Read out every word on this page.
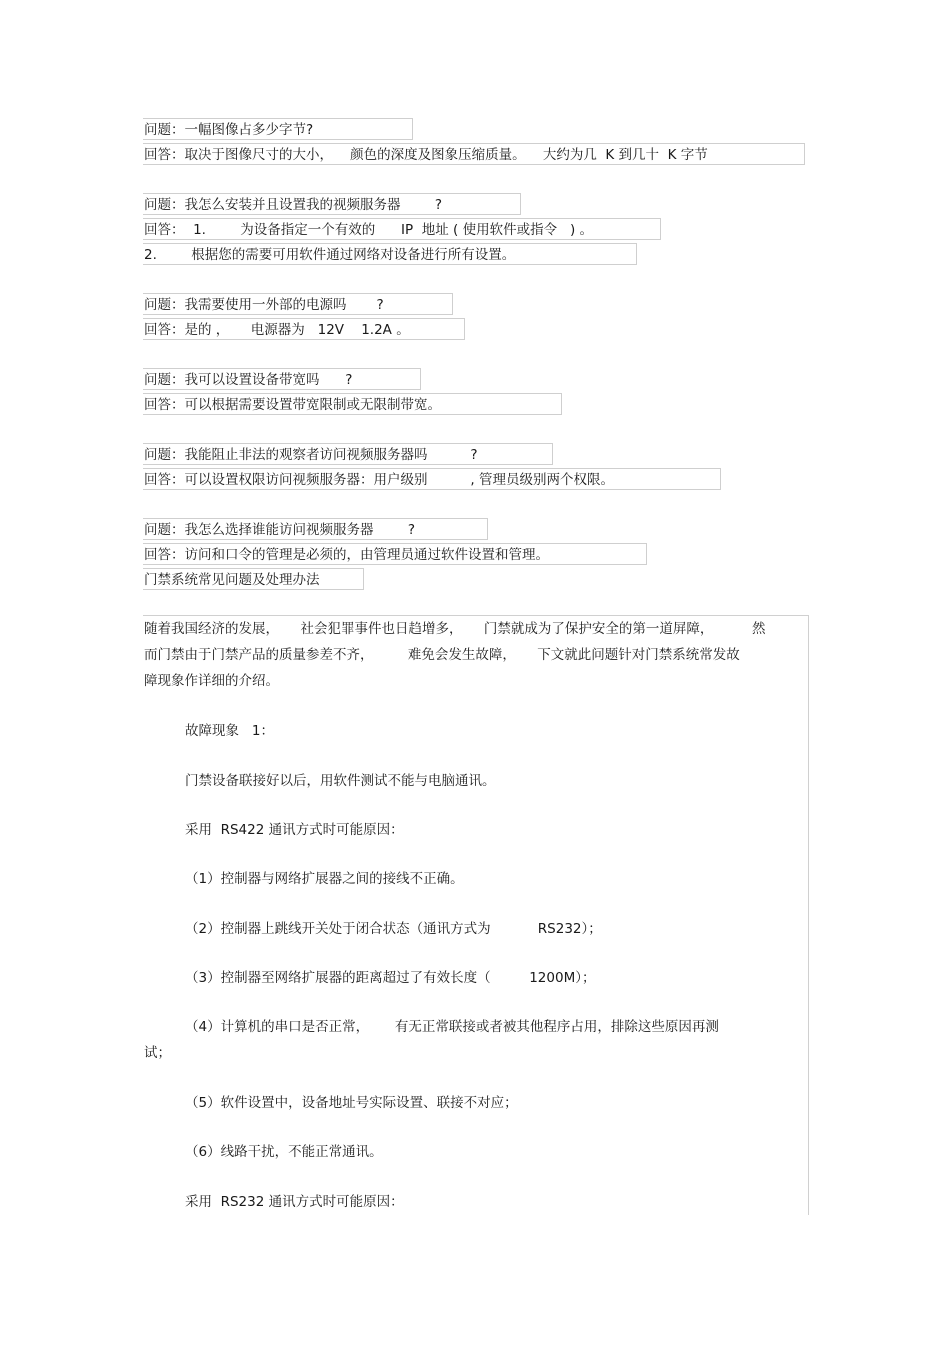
问题：一幅图像占多少字节?
回答：取决于图像尺寸的大小，    颜色的深度及图象压缩质量。    大约为几  K 到几十  K 字节
问题：我怎么安装并且设置我的视频服务器        ?
回答：  1.        为设备指定一个有效的      IP  地址 ( 使用软件或指令   ) 。
2.        根据您的需要可用软件通过网络对设备进行所有设置。
问题：我需要使用一外部的电源吗       ?
回答：是的 ，     电源器为   12V    1.2A 。
问题：我可以设置设备带宽吗      ?
回答：可以根据需要设置带宽限制或无限制带宽。
问题：我能阻止非法的观察者访问视频服务器吗          ?
回答：可以设置权限访问视频服务器：用户级别          , 管理员级别两个权限。
问题：我怎么选择谁能访问视频服务器        ?
回答：访问和口令的管理是必须的，由管理员通过软件设置和管理。
门禁系统常见问题及处理办法
随着我国经济的发展，     社会犯罪事件也日趋增多，     门禁就成为了保护安全的第一道屏障，         然
而门禁由于门禁产品的质量参差不齐，        难免会发生故障，     下文就此问题针对门禁系统常发故
障现象作详细的介绍。
故障现象   1：
门禁设备联接好以后，用软件测试不能与电脑通讯。
采用  RS422 通讯方式时可能原因：
（1）控制器与网络扩展器之间的接线不正确。
（2）控制器上跳线开关处于闭合状态（通讯方式为           RS232）；
（3）控制器至网络扩展器的距离超过了有效长度（         1200M）；
（4）计算机的串口是否正常，      有无正常联接或者被其他程序占用，排除这些原因再测
试；
（5）软件设置中，设备地址号实际设置、联接不对应；
（6）线路干扰，不能正常通讯。
采用  RS232 通讯方式时可能原因：
